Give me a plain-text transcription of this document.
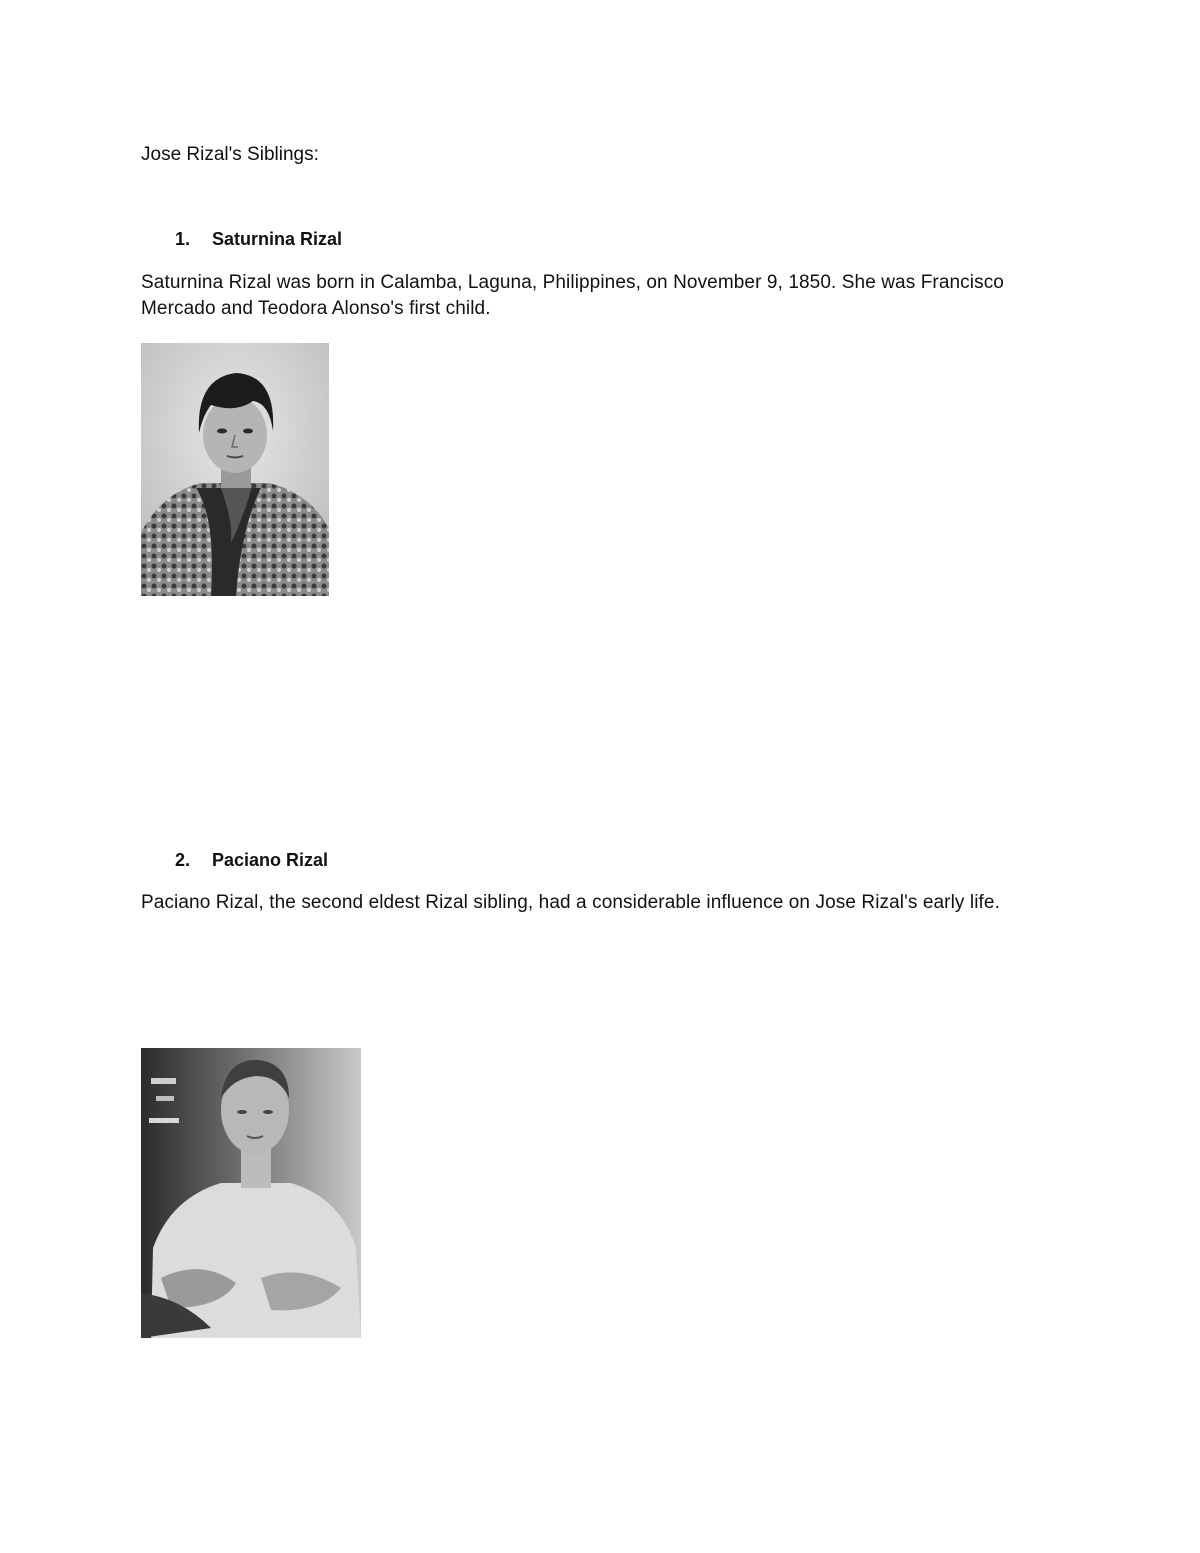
Jose Rizal's Siblings:
1. Saturnina Rizal
Saturnina Rizal was born in Calamba, Laguna, Philippines, on November 9, 1850. She was Francisco Mercado and Teodora Alonso's first child.
2. Paciano Rizal
Paciano Rizal, the second eldest Rizal sibling, had a considerable influence on Jose Rizal's early life.
